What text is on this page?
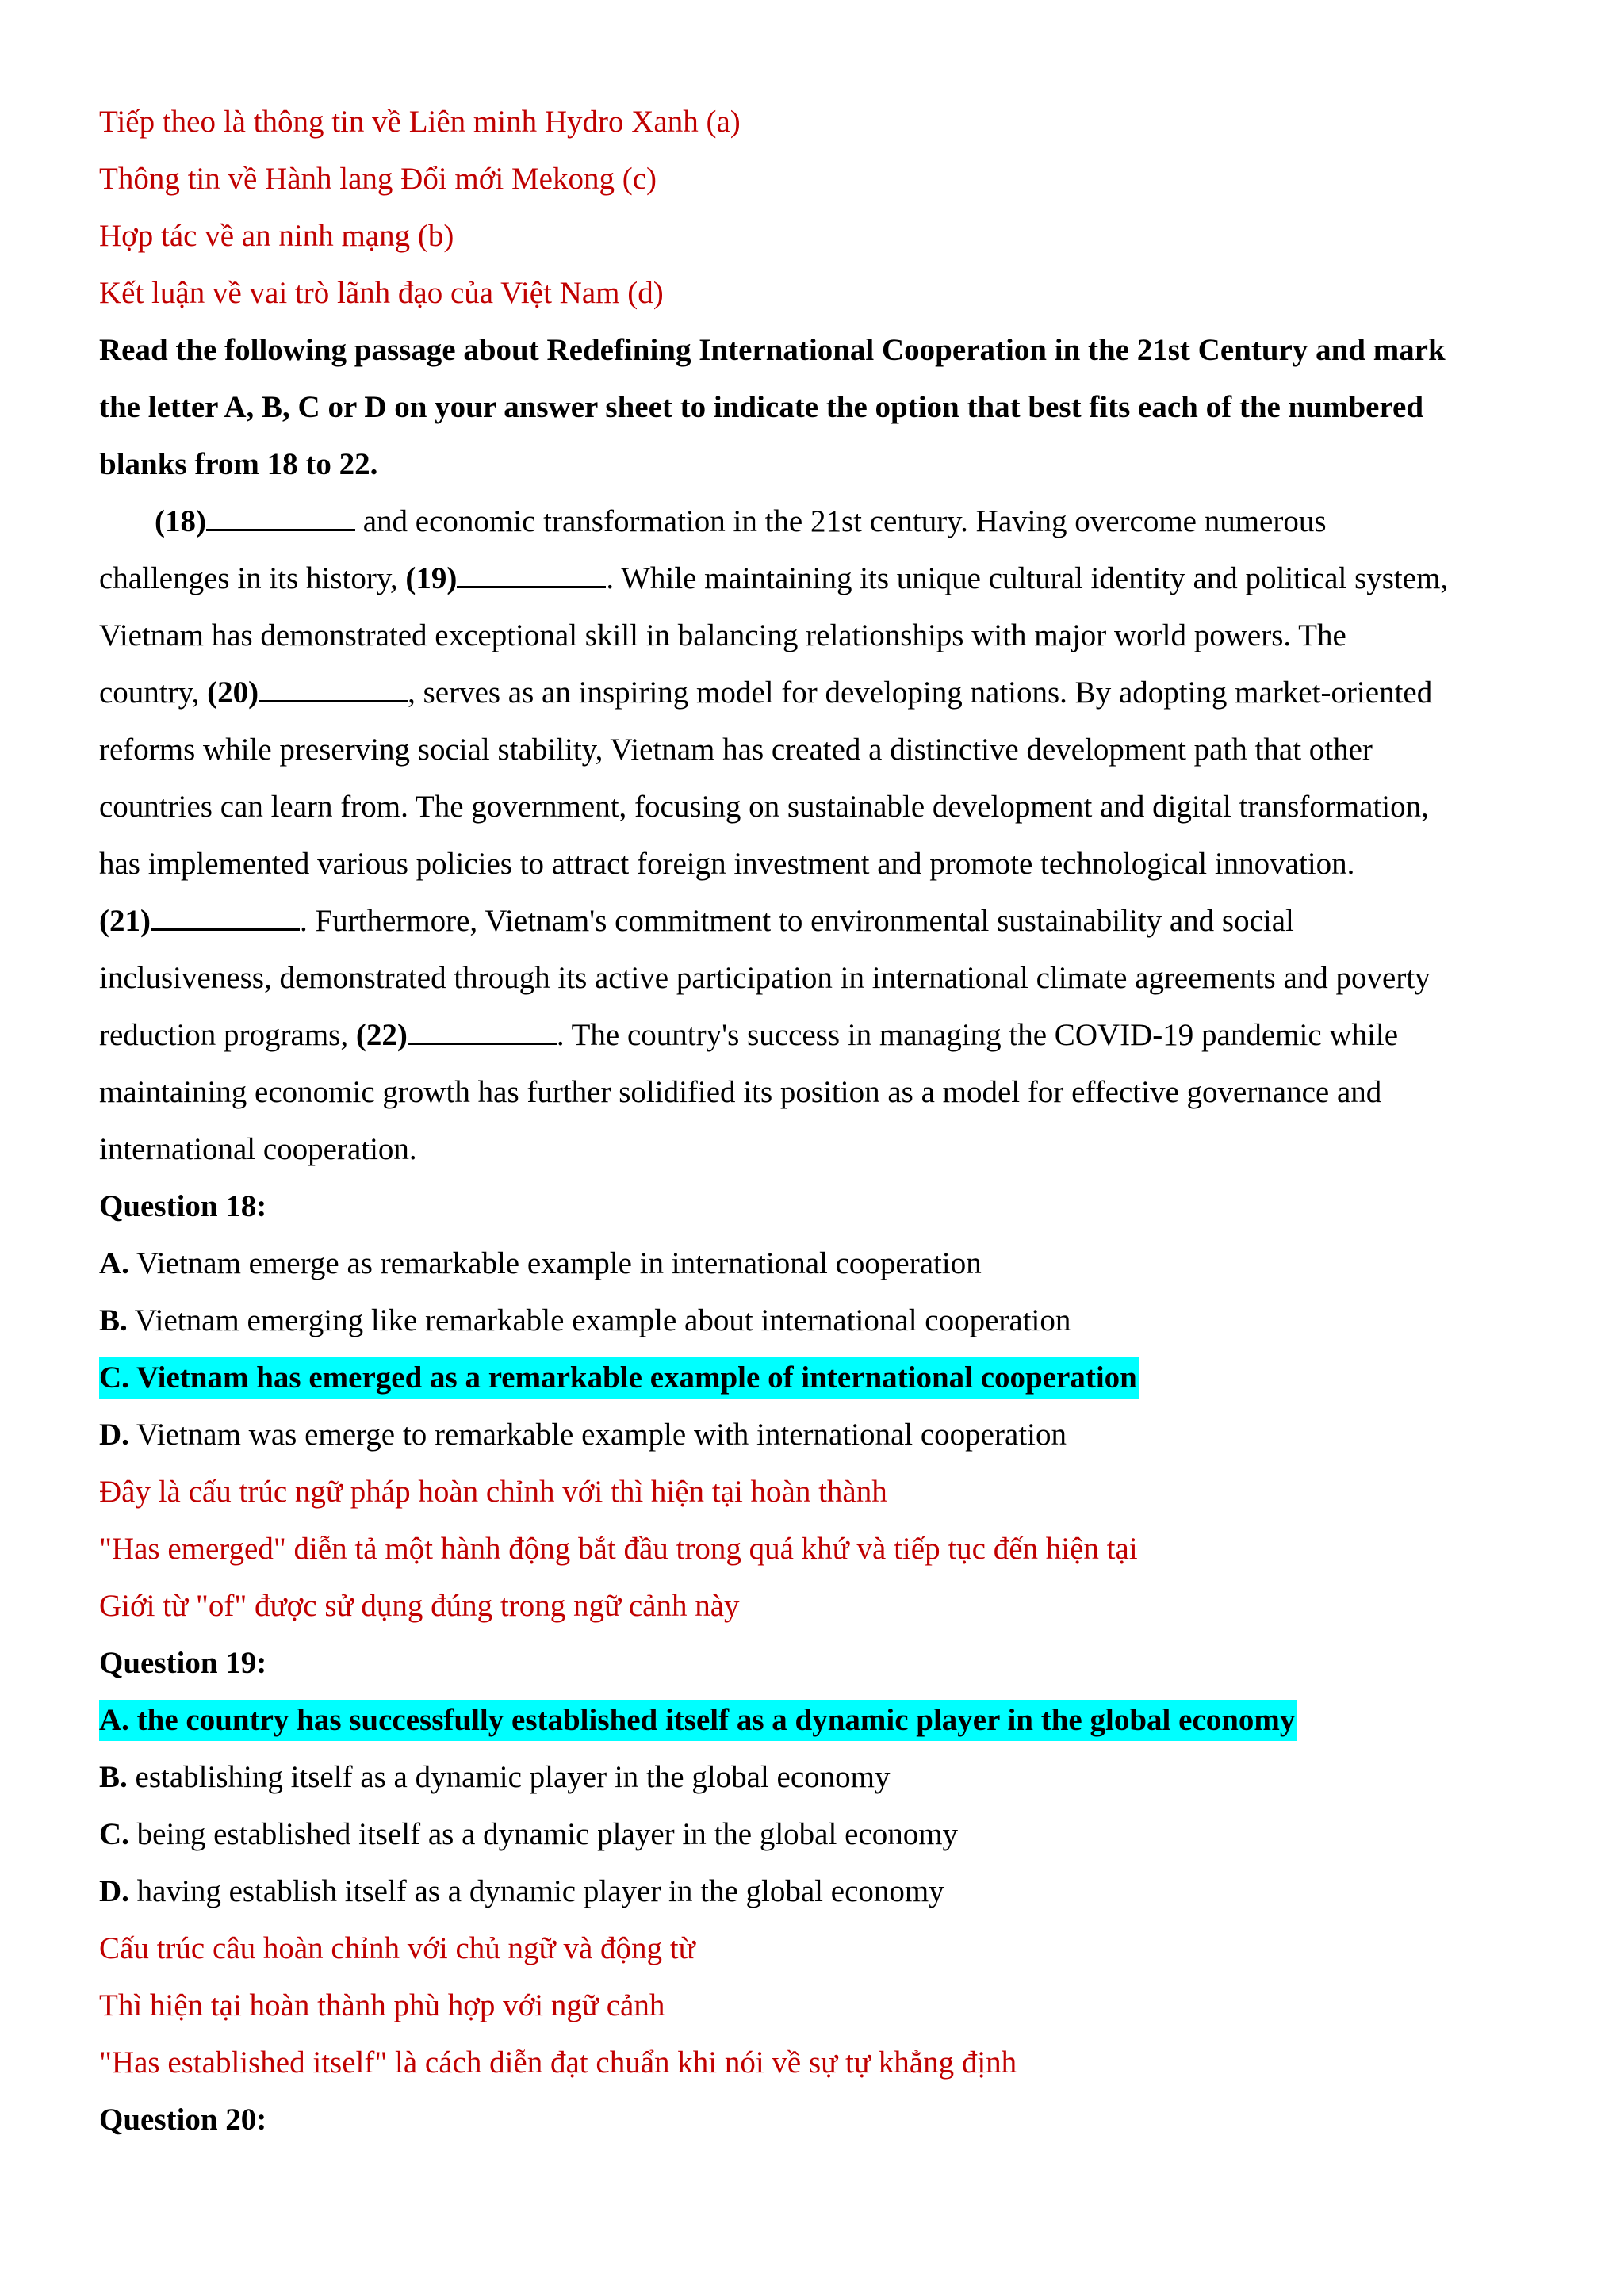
Tiếp theo là thông tin về Liên minh Hydro Xanh (a)
Thông tin về Hành lang Đổi mới Mekong (c)
Hợp tác về an ninh mạng (b)
Kết luận về vai trò lãnh đạo của Việt Nam (d)
Read the following passage about Redefining International Cooperation in the 21st Century and mark
the letter A, B, C or D on your answer sheet to indicate the option that best fits each of the numbered
blanks from 18 to 22.
(18)	and economic transformation in the 21st century. Having overcome numerous
challenges in its history, (19)	. While maintaining its unique cultural identity and political system,
Vietnam has demonstrated exceptional skill in balancing relationships with major world powers. The
country, (20)	, serves as an inspiring model for developing nations. By adopting market-oriented
reforms while preserving social stability, Vietnam has created a distinctive development path that other
countries can learn from. The government, focusing on sustainable development and digital transformation,
has implemented various policies to attract foreign investment and promote technological innovation.
(21)	. Furthermore, Vietnam's commitment to environmental sustainability and social
inclusiveness, demonstrated through its active participation in international climate agreements and poverty
reduction programs, (22)	. The country's success in managing the COVID-19 pandemic while
maintaining economic growth has further solidified its position as a model for effective governance and
international cooperation.
Question 18:
A. Vietnam emerge as remarkable example in international cooperation
B. Vietnam emerging like remarkable example about international cooperation
C. Vietnam has emerged as a remarkable example of international cooperation
D. Vietnam was emerge to remarkable example with international cooperation
Đây là cấu trúc ngữ pháp hoàn chỉnh với thì hiện tại hoàn thành
"Has emerged" diễn tả một hành động bắt đầu trong quá khứ và tiếp tục đến hiện tại
Giới từ "of" được sử dụng đúng trong ngữ cảnh này
Question 19:
A. the country has successfully established itself as a dynamic player in the global economy
B. establishing itself as a dynamic player in the global economy
C. being established itself as a dynamic player in the global economy
D. having establish itself as a dynamic player in the global economy
Cấu trúc câu hoàn chỉnh với chủ ngữ và động từ
Thì hiện tại hoàn thành phù hợp với ngữ cảnh
"Has established itself" là cách diễn đạt chuẩn khi nói về sự tự khẳng định
Question 20:
